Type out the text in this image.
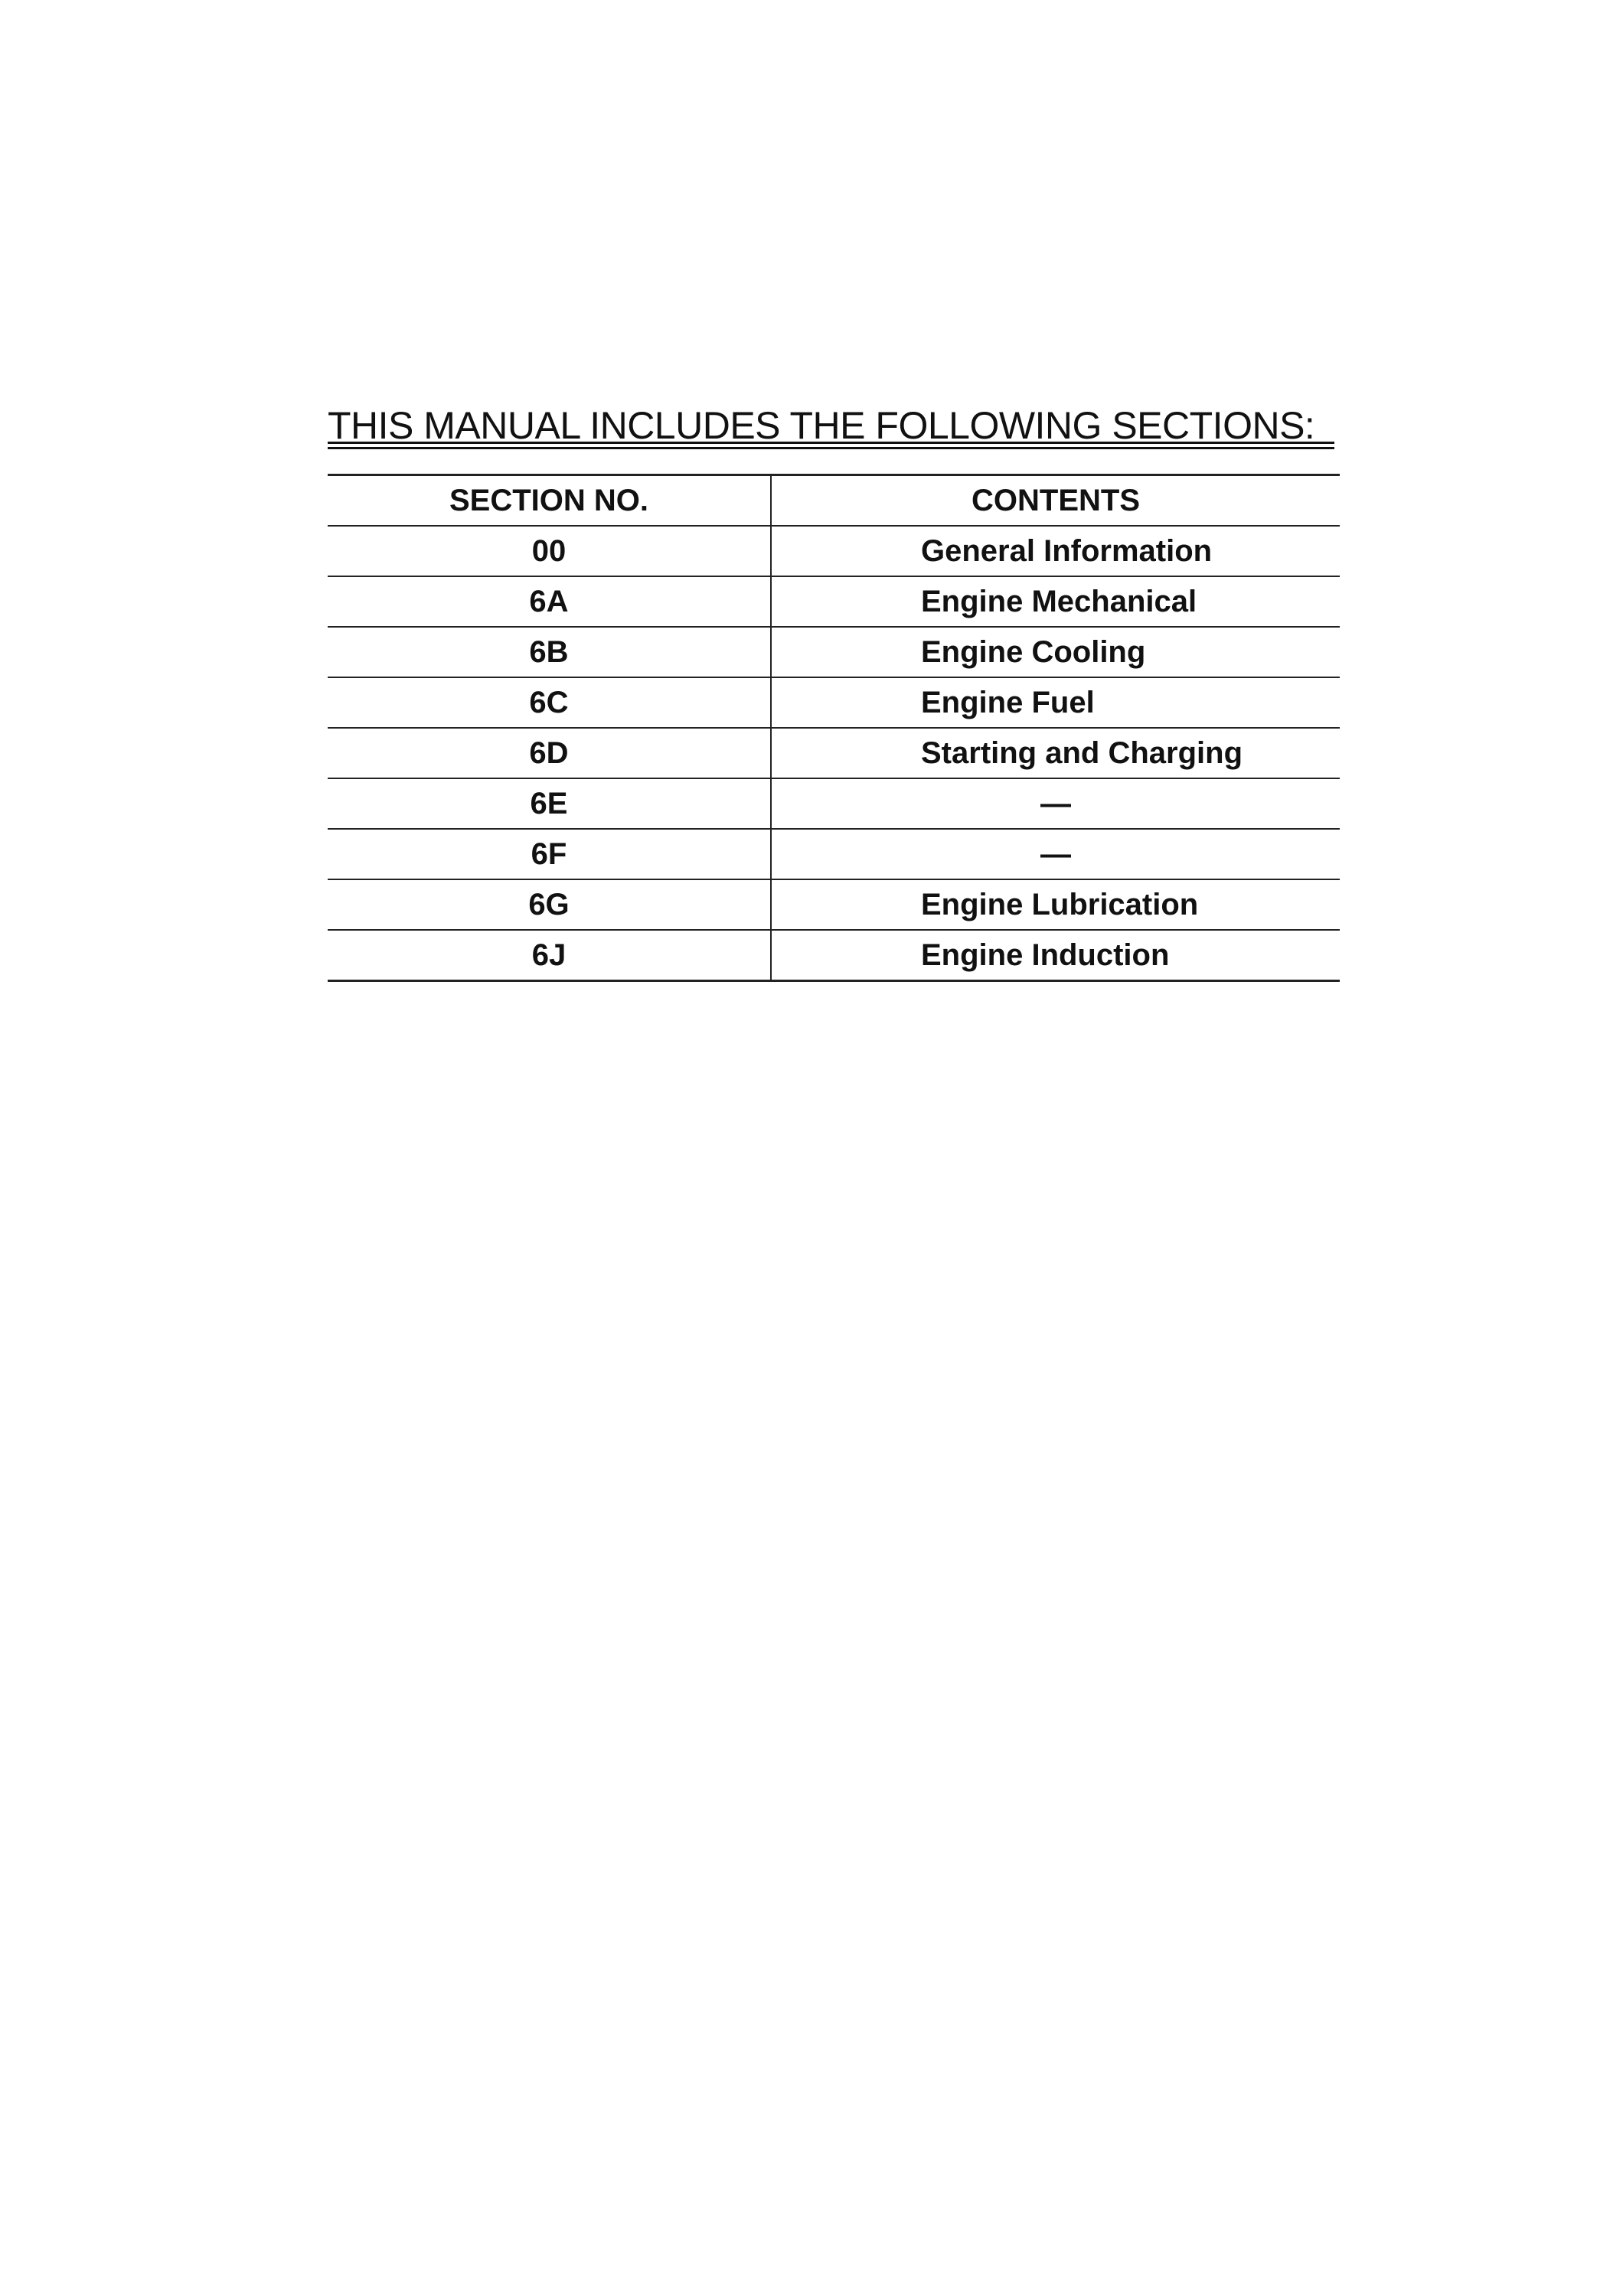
THIS MANUAL INCLUDES THE FOLLOWING SECTIONS:
SECTION NO.	CONTENTS
00	General Information
6A	Engine Mechanical
6B	Engine Cooling
6C	Engine Fuel
6D	Starting and Charging
6E	—
6F	—
6G	Engine Lubrication
6J	Engine Induction
